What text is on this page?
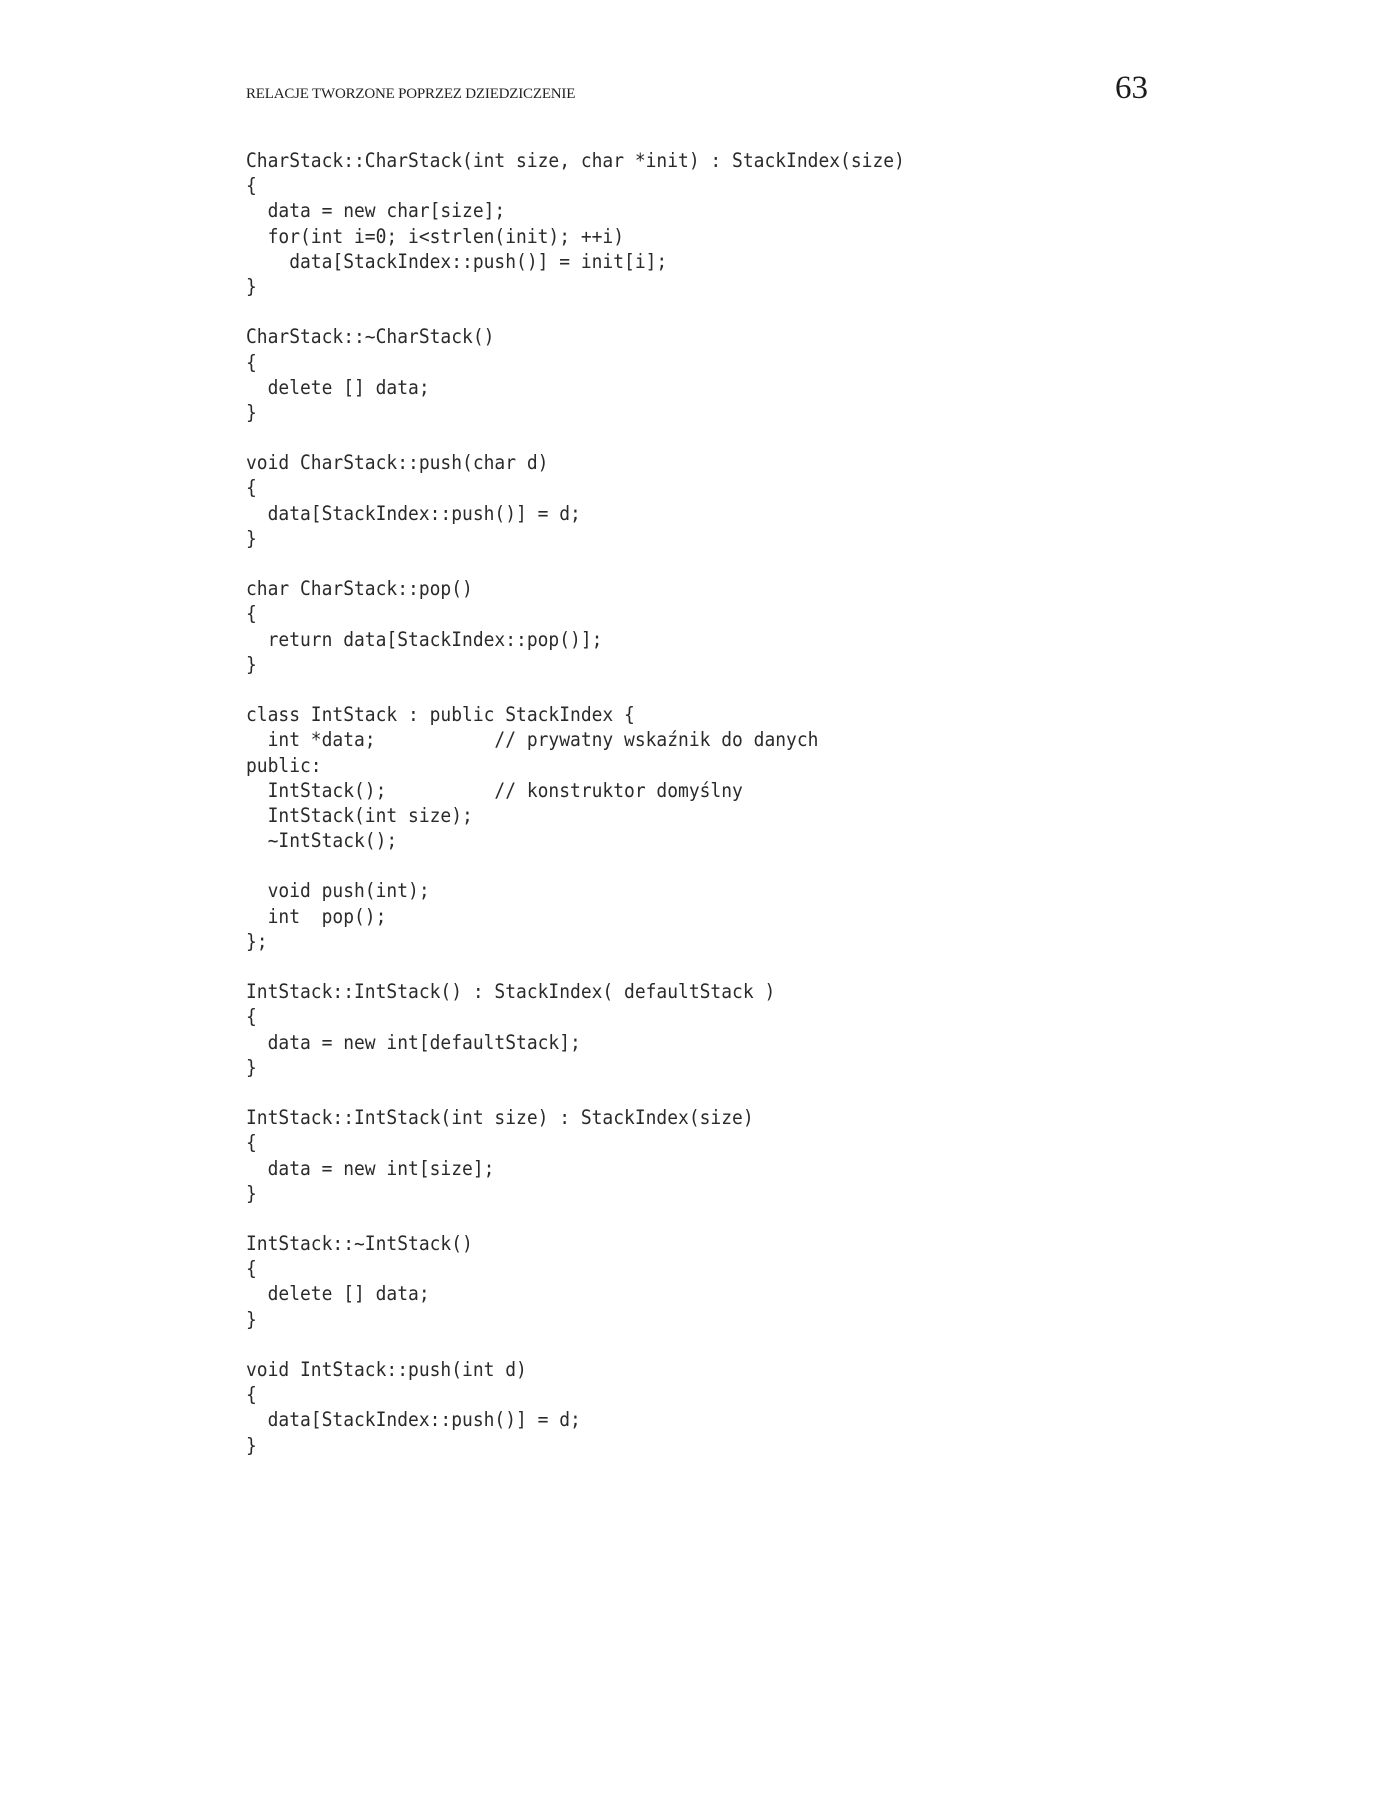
RELACJE TWORZONE POPRZEZ DZIEDZICZENIE	63
CharStack::CharStack(int size, char *init) : StackIndex(size)
{
data = new char[size];
for(int i=0; i<strlen(init); ++i)
data[StackIndex::push()] = init[i];
}
CharStack::~CharStack()
{
delete [] data;
}
void CharStack::push(char d)
{
data[StackIndex::push()] = d;
}
char CharStack::pop()
{
return data[StackIndex::pop()];
}
class IntStack : public StackIndex {
int *data;           // prywatny wskaźnik do danych
public:
IntStack();          // konstruktor domyślny
IntStack(int size);
~IntStack();
void push(int);
int  pop();
};
IntStack::IntStack() : StackIndex( defaultStack )
{
data = new int[defaultStack];
}
IntStack::IntStack(int size) : StackIndex(size)
{
data = new int[size];
}
IntStack::~IntStack()
{
delete [] data;
}
void IntStack::push(int d)
{
data[StackIndex::push()] = d;
}
